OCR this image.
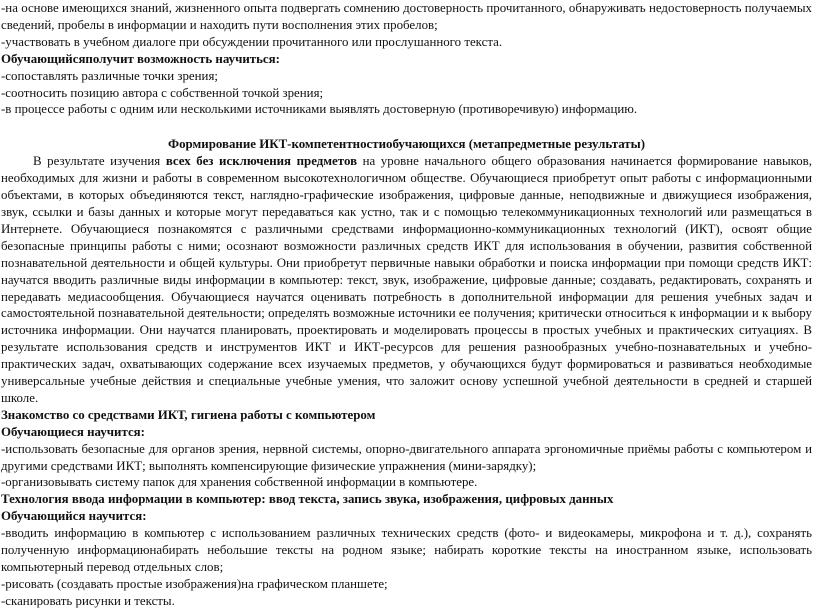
-на основе имеющихся знаний, жизненного опыта подвергать сомнению достоверность прочитанного, обнаруживать недостоверность получаемых сведений, пробелы в информации и находить пути восполнения этих пробелов;

-участвовать в учебном диалоге при обсуждении прочитанного или прослушанного текста.

Обучающийсяполучит возможность научиться:

-сопоставлять различные точки зрения;

-соотносить позицию автора с собственной точкой зрения;

-в процессе работы с одним или несколькими источниками выявлять достоверную (противоречивую) информацию.

Формирование ИКТ-компетентностиобучающихся (метапредметные результаты)

В результате изучения всех без исключения предметов на уровне начального общего образования начинается формирование навыков, необходимых для жизни и работы в современном высокотехнологичном обществе. Обучающиеся приобретут опыт работы с информационными объектами, в которых объединяются текст, наглядно-графические изображения, цифровые данные, неподвижные и движущиеся изображения, звук, ссылки и базы данных и которые могут передаваться как устно, так и с помощью телекоммуникационных технологий или размещаться в Интернете. Обучающиеся познакомятся с различными средствами информационно-коммуникационных технологий (ИКТ), освоят общие безопасные принципы работы с ними; осознают возможности различных средств ИКТ для использования в обучении, развития собственной познавательной деятельности и общей культуры. Они приобретут первичные навыки обработки и поиска информации при помощи средств ИКТ: научатся вводить различные виды информации в компьютер: текст, звук, изображение, цифровые данные; создавать, редактировать, сохранять и передавать медиасообщения. Обучающиеся научатся оценивать потребность в дополнительной информации для решения учебных задач и самостоятельной познавательной деятельности; определять возможные источники ее получения; критически относиться к информации и к выбору источника информации. Они научатся планировать, проектировать и моделировать процессы в простых учебных и практических ситуациях. В результате использования средств и инструментов ИКТ и ИКТ-ресурсов для решения разнообразных учебно-познавательных и учебно-практических задач, охватывающих содержание всех изучаемых предметов, у обучающихся будут формироваться и развиваться необходимые универсальные учебные действия и специальные учебные умения, что заложит основу успешной учебной деятельности в средней и старшей школе.

Знакомство со средствами ИКТ, гигиена работы с компьютером

Обучающиеся научится:

-использовать безопасные для органов зрения, нервной системы, опорно-двигательного аппарата эргономичные приёмы работы с компьютером и другими средствами ИКТ; выполнять компенсирующие физические упражнения (мини-зарядку);

-организовывать систему папок для хранения собственной информации в компьютере.

Технология ввода информации в компьютер: ввод текста, запись звука, изображения, цифровых данных

Обучающийся научится:

-вводить информацию в компьютер с использованием различных технических средств (фото- и видеокамеры, микрофона и т. д.), сохранять полученную информациюнабирать небольшие тексты на родном языке; набирать короткие тексты на иностранном языке, использовать компьютерный перевод отдельных слов;

-рисовать (создавать простые изображения)на графическом планшете;

-сканировать рисунки и тексты.
